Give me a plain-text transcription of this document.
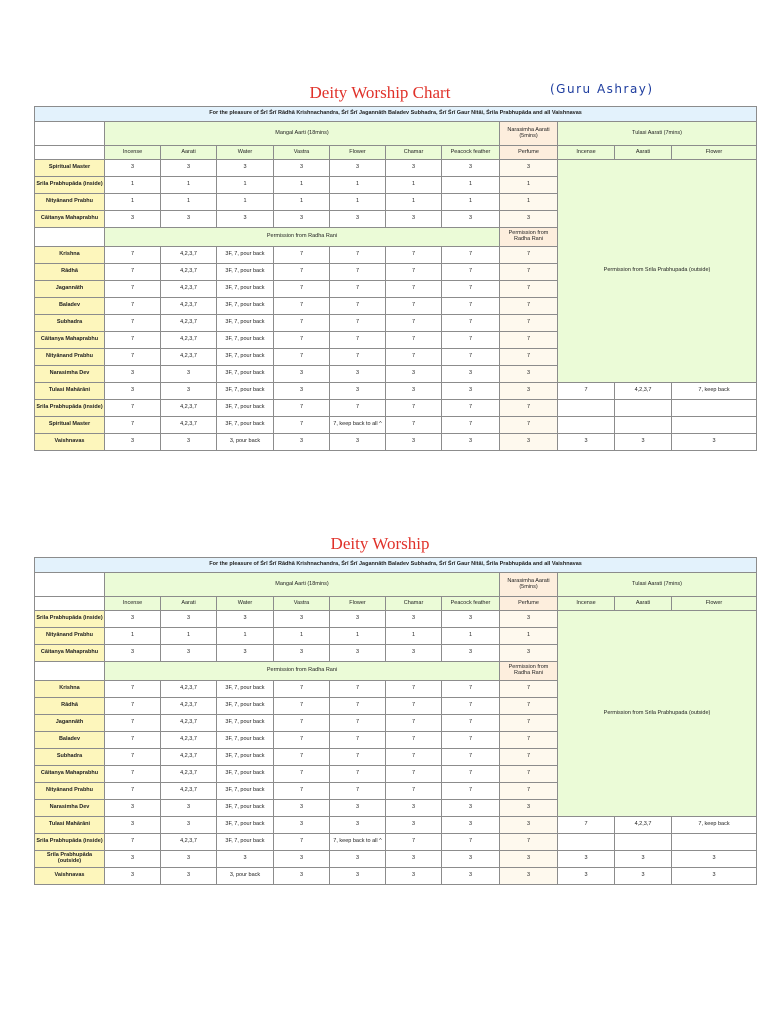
Deity Worship Chart	(Guru Ashray)
For the pleasure of Śrī Śrī Rādhā Krishnachandra, Śrī Śrī Jagannāth Baladev Subhadra, Śrī Śrī Gaur Nitāi, Śrila Prabhupāda and all Vaishnavas											
	Mangal Aarti (18mins)							Narasimha Aarati (5mins)	Tulasi Aarati (7mins)		
	Incense	Aarati	Water	Vastra	Flower	Chamar	Peacock feather	Perfume	Incense	Aarati	Flower
Spiritual Master	3	3	3	3	3	3	3	3	Permission from Srila Prabhupada (outside)		
Srila Prabhupāda (inside)	1	1	1	1	1	1	1	1			
Nityānand Prabhu	1	1	1	1	1	1	1	1			
Cāitanya Mahaprabhu	3	3	3	3	3	3	3	3			
	Permission from Radha Rani							Permission from Radha Rani			
Krishna	7	4,2,3,7	3F, 7, pour back	7	7	7	7	7			
Rādhā	7	4,2,3,7	3F, 7, pour back	7	7	7	7	7			
Jagannāth	7	4,2,3,7	3F, 7, pour back	7	7	7	7	7			
Baladev	7	4,2,3,7	3F, 7, pour back	7	7	7	7	7			
Subhadra	7	4,2,3,7	3F, 7, pour back	7	7	7	7	7			
Cāitanya Mahaprabhu	7	4,2,3,7	3F, 7, pour back	7	7	7	7	7			
Nityānand Prabhu	7	4,2,3,7	3F, 7, pour back	7	7	7	7	7			
Narasimha Dev	3	3	3F, 7, pour back	3	3	3	3	3			
Tulasi Mahārāni	3	3	3F, 7, pour back	3	3	3	3	3	7	4,2,3,7	7, keep back
Srila Prabhupāda (inside)	7	4,2,3,7	3F, 7, pour back	7	7	7	7	7			
Spiritual Master	7	4,2,3,7	3F, 7, pour back	7	7, keep back to all ^	7	7	7			
Vaishnavas	3	3	3, pour back	3	3	3	3	3	3	3	3
Deity Worship
For the pleasure of Śrī Śrī Rādhā Krishnachandra, Śrī Śrī Jagannāth Baladev Subhadra, Śrī Śrī Gaur Nitāi, Śrila Prabhupāda and all Vaishnavas											
	Mangal Aarti (18mins)							Narasimha Aarati (5mins)	Tulasi Aarati (7mins)		
	Incense	Aarati	Water	Vastra	Flower	Chamar	Peacock feather	Perfume	Incense	Aarati	Flower
Srila Prabhupāda (inside)	3	3	3	3	3	3	3	3	Permission from Srila Prabhupada (outside)		
Nityānand Prabhu	1	1	1	1	1	1	1	1			
Cāitanya Mahaprabhu	3	3	3	3	3	3	3	3			
	Permission from Radha Rani							Permission from Radha Rani			
Krishna	7	4,2,3,7	3F, 7, pour back	7	7	7	7	7			
Rādhā	7	4,2,3,7	3F, 7, pour back	7	7	7	7	7			
Jagannāth	7	4,2,3,7	3F, 7, pour back	7	7	7	7	7			
Baladev	7	4,2,3,7	3F, 7, pour back	7	7	7	7	7			
Subhadra	7	4,2,3,7	3F, 7, pour back	7	7	7	7	7			
Cāitanya Mahaprabhu	7	4,2,3,7	3F, 7, pour back	7	7	7	7	7			
Nityānand Prabhu	7	4,2,3,7	3F, 7, pour back	7	7	7	7	7			
Narasimha Dev	3	3	3F, 7, pour back	3	3	3	3	3			
Tulasi Mahārāni	3	3	3F, 7, pour back	3	3	3	3	3	7	4,2,3,7	7, keep back
Srila Prabhupāda (inside)	7	4,2,3,7	3F, 7, pour back	7	7, keep back to all ^	7	7	7			
Srila Prabhupāda (outside)	3	3	3	3	3	3	3	3	3	3	3
Vaishnavas	3	3	3, pour back	3	3	3	3	3	3	3	3
